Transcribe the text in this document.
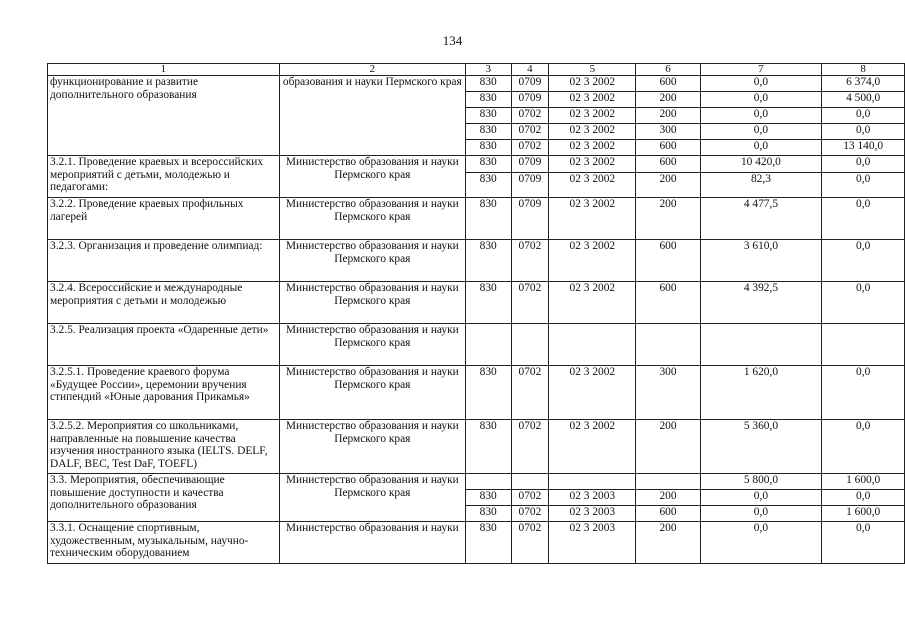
134
1	2	3	4	5	6	7	8
функционирование и развитие дополнительного образования	образования и науки Пермского края	830	0709	02 3 2002	600	0,0	6 374,0
		830	0709	02 3 2002	200	0,0	4 500,0
		830	0702	02 3 2002	200	0,0	0,0
		830	0702	02 3 2002	300	0,0	0,0
		830	0702	02 3 2002	600	0,0	13 140,0
3.2.1. Проведение краевых и всероссийских мероприятий с детьми, молодежью и педагогами:	Министерство образования и науки Пермского края	830	0709	02 3 2002	600	10 420,0	0,0
		830	0709	02 3 2002	200	82,3	0,0
3.2.2. Проведение краевых профильных лагерей	Министерство образования и науки Пермского края	830	0709	02 3 2002	200	4 477,5	0,0
3.2.3. Организация и проведение олимпиад:	Министерство образования и науки Пермского края	830	0702	02 3 2002	600	3 610,0	0,0
3.2.4. Всероссийские и международные мероприятия с детьми и молодежью	Министерство образования и науки Пермского края	830	0702	02 3 2002	600	4 392,5	0,0
3.2.5. Реализация проекта «Одаренные дети»	Министерство образования и науки Пермского края						
3.2.5.1. Проведение краевого форума «Будущее России», церемонии вручения стипендий «Юные дарования Прикамья»	Министерство образования и науки Пермского края	830	0702	02 3 2002	300	1 620,0	0,0
3.2.5.2. Мероприятия со школьниками, направленные на повышение качества изучения иностранного языка (IELTS. DELF, DALF, BEC, Test DaF, TOEFL)	Министерство образования и науки Пермского края	830	0702	02 3 2002	200	5 360,0	0,0
3.3. Мероприятия, обеспечивающие повышение доступности и качества дополнительного образования	Министерство образования и науки Пермского края					5 800,0	1 600,0
		830	0702	02 3 2003	200	0,0	0,0
		830	0702	02 3 2003	600	0,0	1 600,0
3.3.1. Оснащение спортивным, художественным, музыкальным, научно-техническим оборудованием	Министерство образования и науки	830	0702	02 3 2003	200	0,0	0,0
